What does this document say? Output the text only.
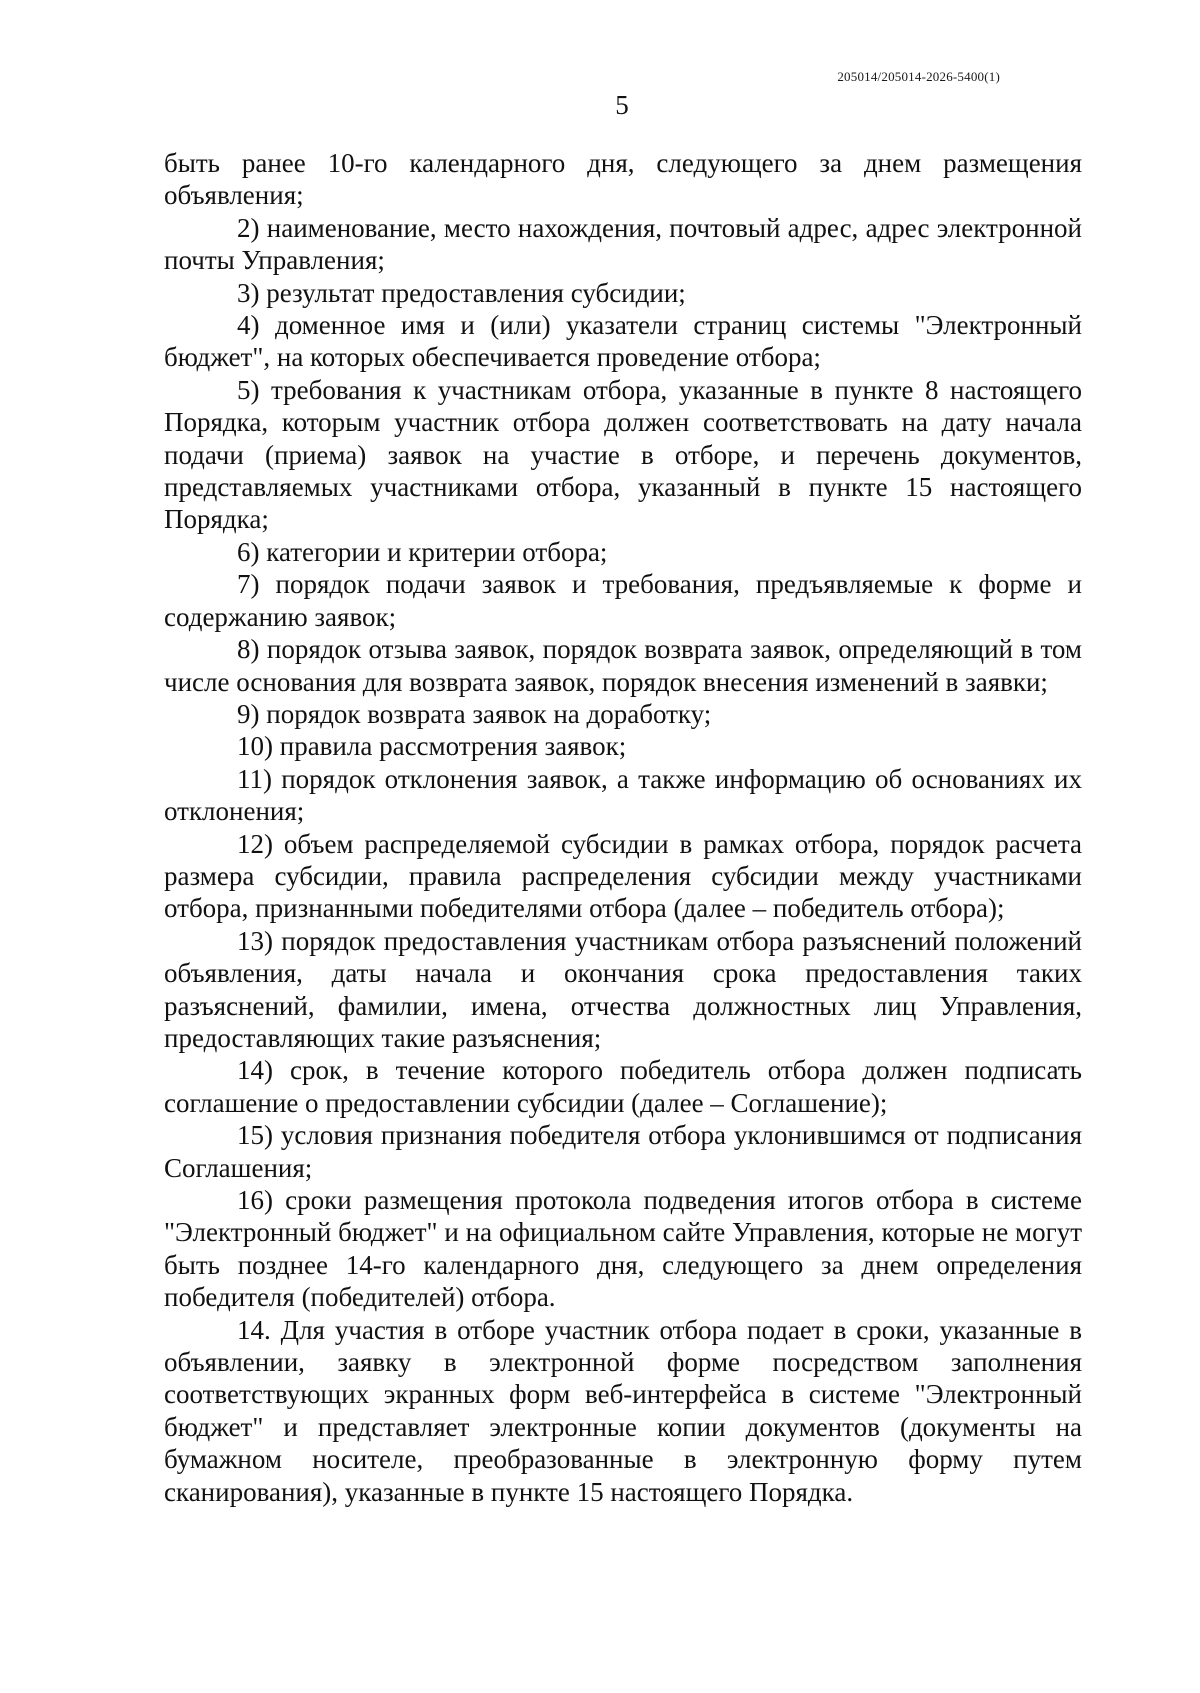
205014/205014-2026-5400(1)
5

быть ранее 10-го календарного дня, следующего за днем размещения объявления;

2) наименование, место нахождения, почтовый адрес, адрес электронной почты Управления;

3) результат предоставления субсидии;

4) доменное имя и (или) указатели страниц системы "Электронный бюджет", на которых обеспечивается проведение отбора;

5) требования к участникам отбора, указанные в пункте 8 настоящего Порядка, которым участник отбора должен соответствовать на дату начала подачи (приема) заявок на участие в отборе, и перечень документов, представляемых участниками отбора, указанный в пункте 15 настоящего Порядка;

6) категории и критерии отбора;

7) порядок подачи заявок и требования, предъявляемые к форме и содержанию заявок;

8) порядок отзыва заявок, порядок возврата заявок, определяющий в том числе основания для возврата заявок, порядок внесения изменений в заявки;

9) порядок возврата заявок на доработку;

10) правила рассмотрения заявок;

11) порядок отклонения заявок, а также информацию об основаниях их отклонения;

12) объем распределяемой субсидии в рамках отбора, порядок расчета размера субсидии, правила распределения субсидии между участниками отбора, признанными победителями отбора (далее – победитель отбора);

13) порядок предоставления участникам отбора разъяснений положений объявления, даты начала и окончания срока предоставления таких разъяснений, фамилии, имена, отчества должностных лиц Управления, предоставляющих такие разъяснения;

14) срок, в течение которого победитель отбора должен подписать соглашение о предоставлении субсидии (далее – Соглашение);

15) условия признания победителя отбора уклонившимся от подписания Соглашения;

16) сроки размещения протокола подведения итогов отбора в системе "Электронный бюджет" и на официальном сайте Управления, которые не могут быть позднее 14-го календарного дня, следующего за днем определения победителя (победителей) отбора.

14. Для участия в отборе участник отбора подает в сроки, указанные в объявлении, заявку в электронной форме посредством заполнения соответствующих экранных форм веб-интерфейса в системе "Электронный бюджет" и представляет электронные копии документов (документы на бумажном носителе, преобразованные в электронную форму путем сканирования), указанные в пункте 15 настоящего Порядка.
